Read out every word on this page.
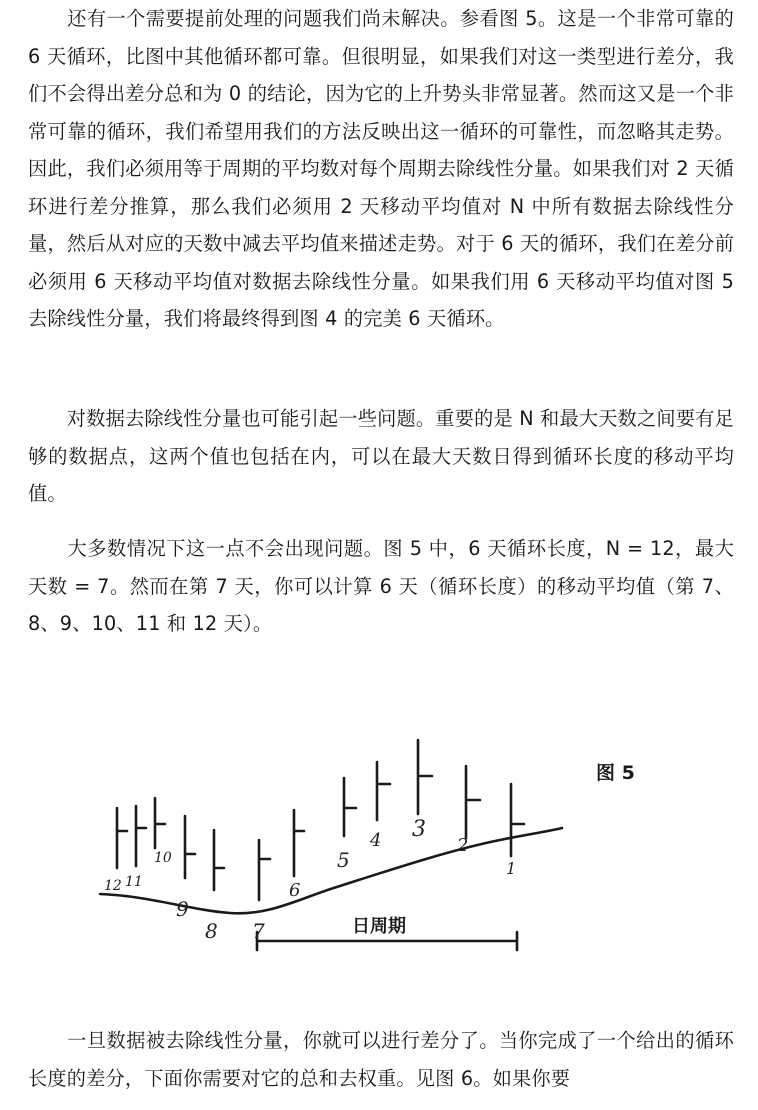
　　还有一个需要提前处理的问题我们尚未解决。参看图 5。这是一个非常可靠的 6 天循环，比图中其他循环都可靠。但很明显，如果我们对这一类型进行差分，我们不会得出差分总和为 0 的结论，因为它的上升势头非常显著。然而这又是一个非常可靠的循环，我们希望用我们的方法反映出这一循环的可靠性，而忽略其走势。因此，我们必须用等于周期的平均数对每个周期去除线性分量。如果我们对 2 天循环进行差分推算，那么我们必须用 2 天移动平均值对 N 中所有数据去除线性分量，然后从对应的天数中减去平均值来描述走势。对于 6 天的循环，我们在差分前必须用 6 天移动平均值对数据去除线性分量。如果我们用 6 天移动平均值对图 5 去除线性分量，我们将最终得到图 4 的完美 6 天循环。

　　对数据去除线性分量也可能引起一些问题。重要的是 N 和最大天数之间要有足够的数据点，这两个值也包括在内，可以在最大天数日得到循环长度的移动平均值。

　　大多数情况下这一点不会出现问题。图 5 中，6 天循环长度，N = 12，最大天数 = 7。然而在第 7 天，你可以计算 6 天（循环长度）的移动平均值（第 7、8、9、10、11 和 12 天）。

图 5
12 11
10
9
8 7
6
5
4 3
2
1
日周期

　　一旦数据被去除线性分量，你就可以进行差分了。当你完成了一个给出的循环长度的差分，下面你需要对它的总和去权重。见图 6。如果你要
